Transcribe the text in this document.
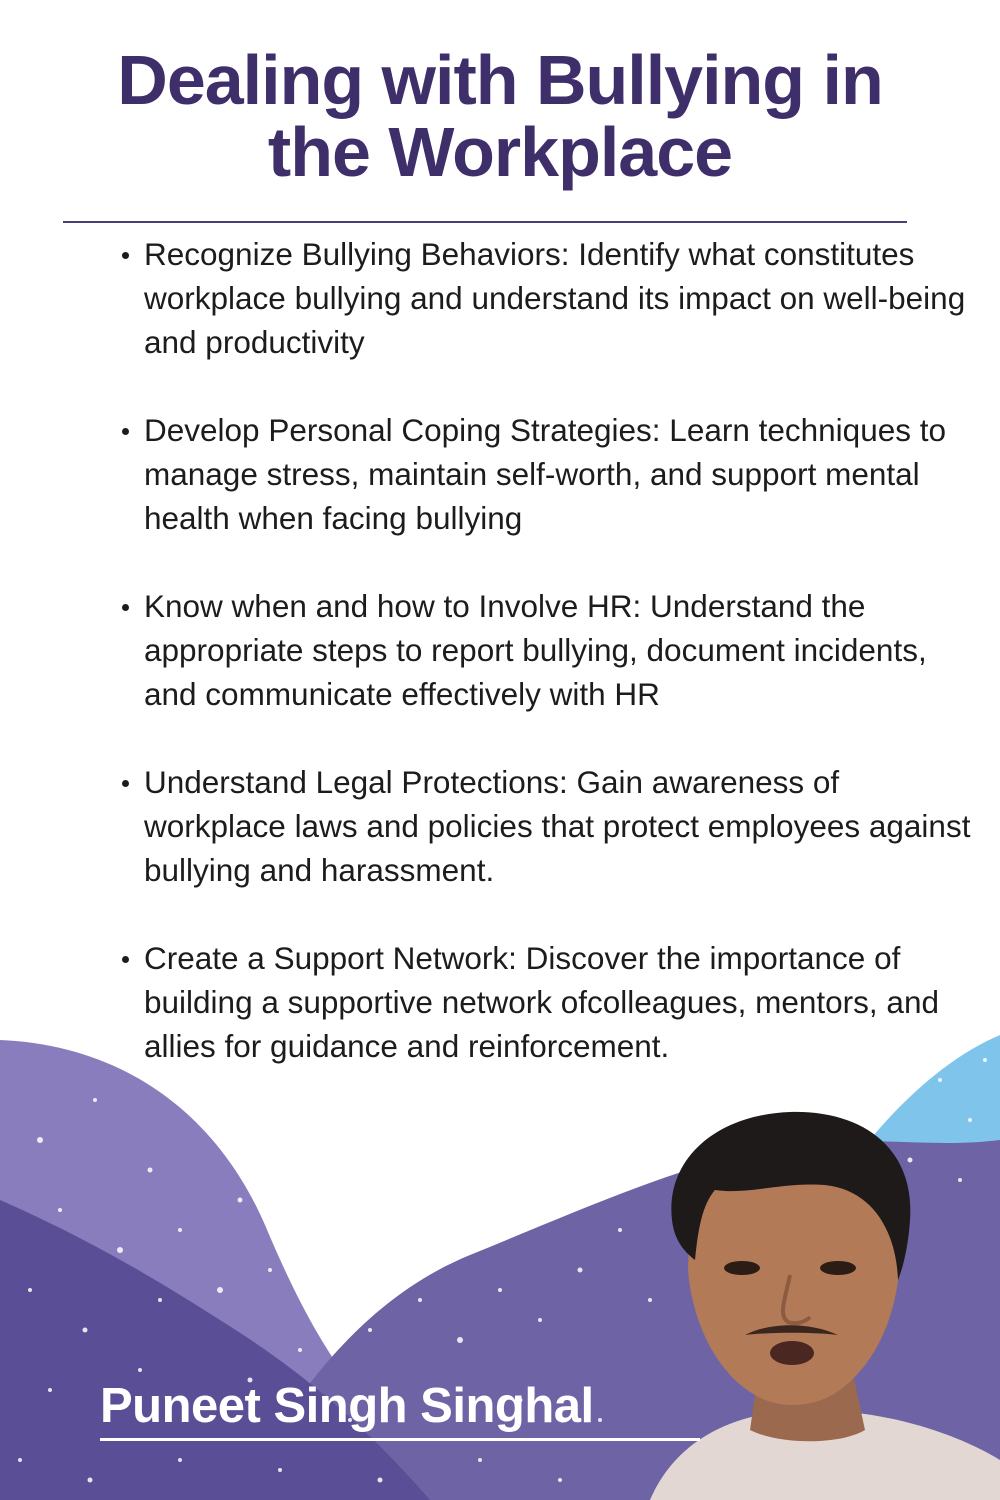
Dealing with Bullying in the Workplace
Recognize Bullying Behaviors: Identify what constitutes workplace bullying and understand its impact on well-being and productivity
Develop Personal Coping Strategies: Learn techniques to manage stress, maintain self-worth, and support mental health when facing bullying
Know when and how to Involve HR: Understand the appropriate steps to report bullying, document incidents, and communicate effectively with HR
Understand Legal Protections: Gain awareness of workplace laws and policies that protect employees against bullying and harassment.
Create a Support Network: Discover the importance of building a supportive network ofcolleagues, mentors, and allies for guidance and reinforcement.

Puneet Singh Singhal
